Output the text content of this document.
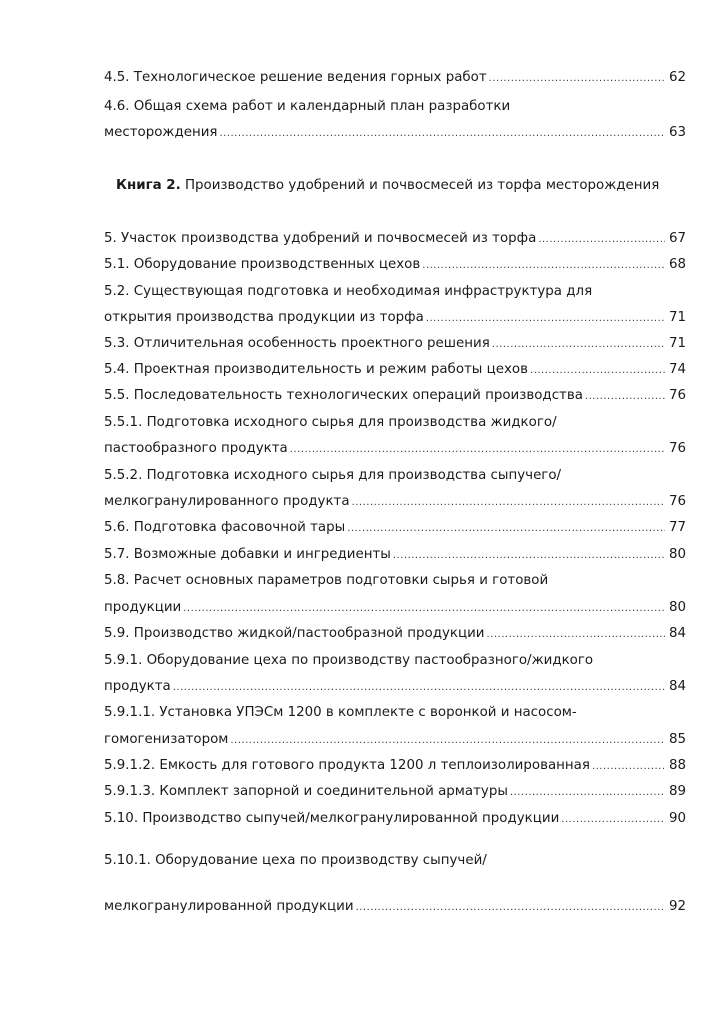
4.5. Технологическое решение ведения горных работ .....	62
4.6. Общая схема работ и календарный план разработки
месторождения .....	63
Книга 2. Производство удобрений и почвосмесей из торфа месторождения
5. Участок производства удобрений и почвосмесей из торфа .....	67
5.1. Оборудование производственных цехов .....	68
5.2. Существующая подготовка и необходимая инфраструктура для
открытия производства продукции из торфа .....	71
5.3. Отличительная особенность проектного решения .....	71
5.4. Проектная производительность и режим работы цехов .....	74
5.5. Последовательность технологических операций производства .....	76
5.5.1. Подготовка исходного сырья для производства жидкого/
пастообразного продукта .....	76
5.5.2. Подготовка исходного сырья для производства сыпучего/
мелкогранулированного продукта .....	76
5.6. Подготовка фасовочной тары .....	77
5.7. Возможные добавки и ингредиенты .....	80
5.8. Расчет основных параметров подготовки сырья и готовой
продукции .....	80
5.9. Производство жидкой/пастообразной продукции .....	84
5.9.1. Оборудование цеха по производству пастообразного/жидкого
продукта .....	84
5.9.1.1. Установка УПЭСм 1200 в комплекте с воронкой и насосом-
гомогенизатором .....	85
5.9.1.2. Емкость для готового продукта 1200 л теплоизолированная .....	88
5.9.1.3. Комплект запорной и соединительной арматуры .....	89
5.10. Производство сыпучей/мелкогранулированной продукции .....	90
5.10.1. Оборудование цеха по производству сыпучей/
мелкогранулированной продукции .....	92
